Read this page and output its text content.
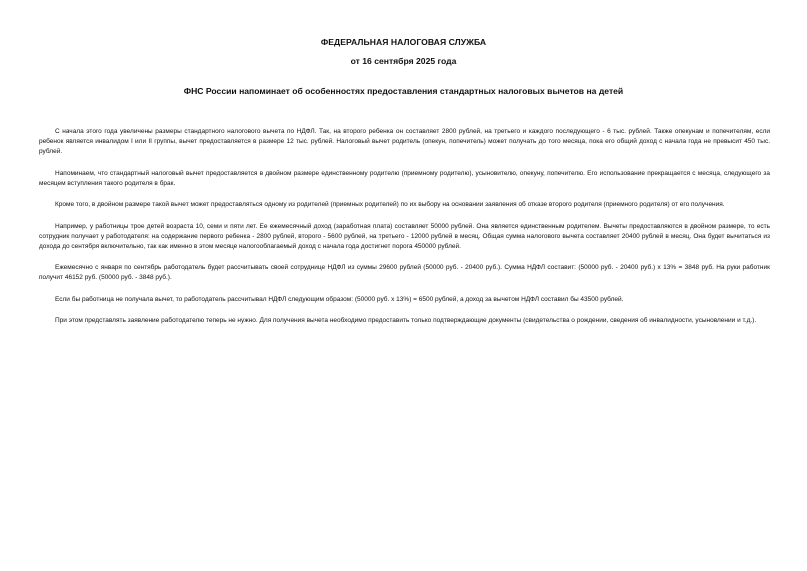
ФЕДЕРАЛЬНАЯ НАЛОГОВАЯ СЛУЖБА
от 16 сентября 2025 года
ФНС России напоминает об особенностях предоставления стандартных налоговых вычетов на детей

С начала этого года увеличены размеры стандартного налогового вычета по НДФЛ. Так, на второго ребенка он составляет 2800 рублей, на третьего и каждого последующего - 6 тыс. рублей. Также опекунам и попечителям, если ребенок является инвалидом I или II группы, вычет предоставляется в размере 12 тыс. рублей. Налоговый вычет родитель (опекун, попечитель) может получать до того месяца, пока его общий доход с начала года не превысит 450 тыс. рублей.

Напоминаем, что стандартный налоговый вычет предоставляется в двойном размере единственному родителю (приемному родителю), усыновителю, опекуну, попечителю. Его использование прекращается с месяца, следующего за месяцем вступления такого родителя в брак.

Кроме того, в двойном размере такой вычет может предоставляться одному из родителей (приемных родителей) по их выбору на основании заявления об отказе второго родителя (приемного родителя) от его получения.

Например, у работницы трое детей возраста 10, семи и пяти лет. Ее ежемесячный доход (заработная плата) составляет 50000 рублей. Она является единственным родителем. Вычеты предоставляются в двойном размере, то есть сотрудник получает у работодателя: на содержание первого ребенка - 2800 рублей, второго - 5600 рублей, на третьего - 12000 рублей в месяц. Общая сумма налогового вычета составляет 20400 рублей в месяц. Она будет вычитаться из дохода до сентября включительно, так как именно в этом месяце налогооблагаемый доход с начала года достигнет порога 450000 рублей.

Ежемесячно с января по сентябрь работодатель будет рассчитывать своей сотруднице НДФЛ из суммы 29600 рублей (50000 руб. - 20400 руб.). Сумма НДФЛ составит: (50000 руб. - 20400 руб.) x 13% = 3848 руб. На руки работник получит 46152 руб. (50000 руб. - 3848 руб.).

Если бы работница не получала вычет, то работодатель рассчитывал НДФЛ следующим образом: (50000 руб. x 13%) = 6500 рублей, а доход за вычетом НДФЛ составил бы 43500 рублей.

При этом представлять заявление работодателю теперь не нужно. Для получения вычета необходимо предоставить только подтверждающие документы (свидетельства о рождении, сведения об инвалидности, усыновлении и т.д.).
